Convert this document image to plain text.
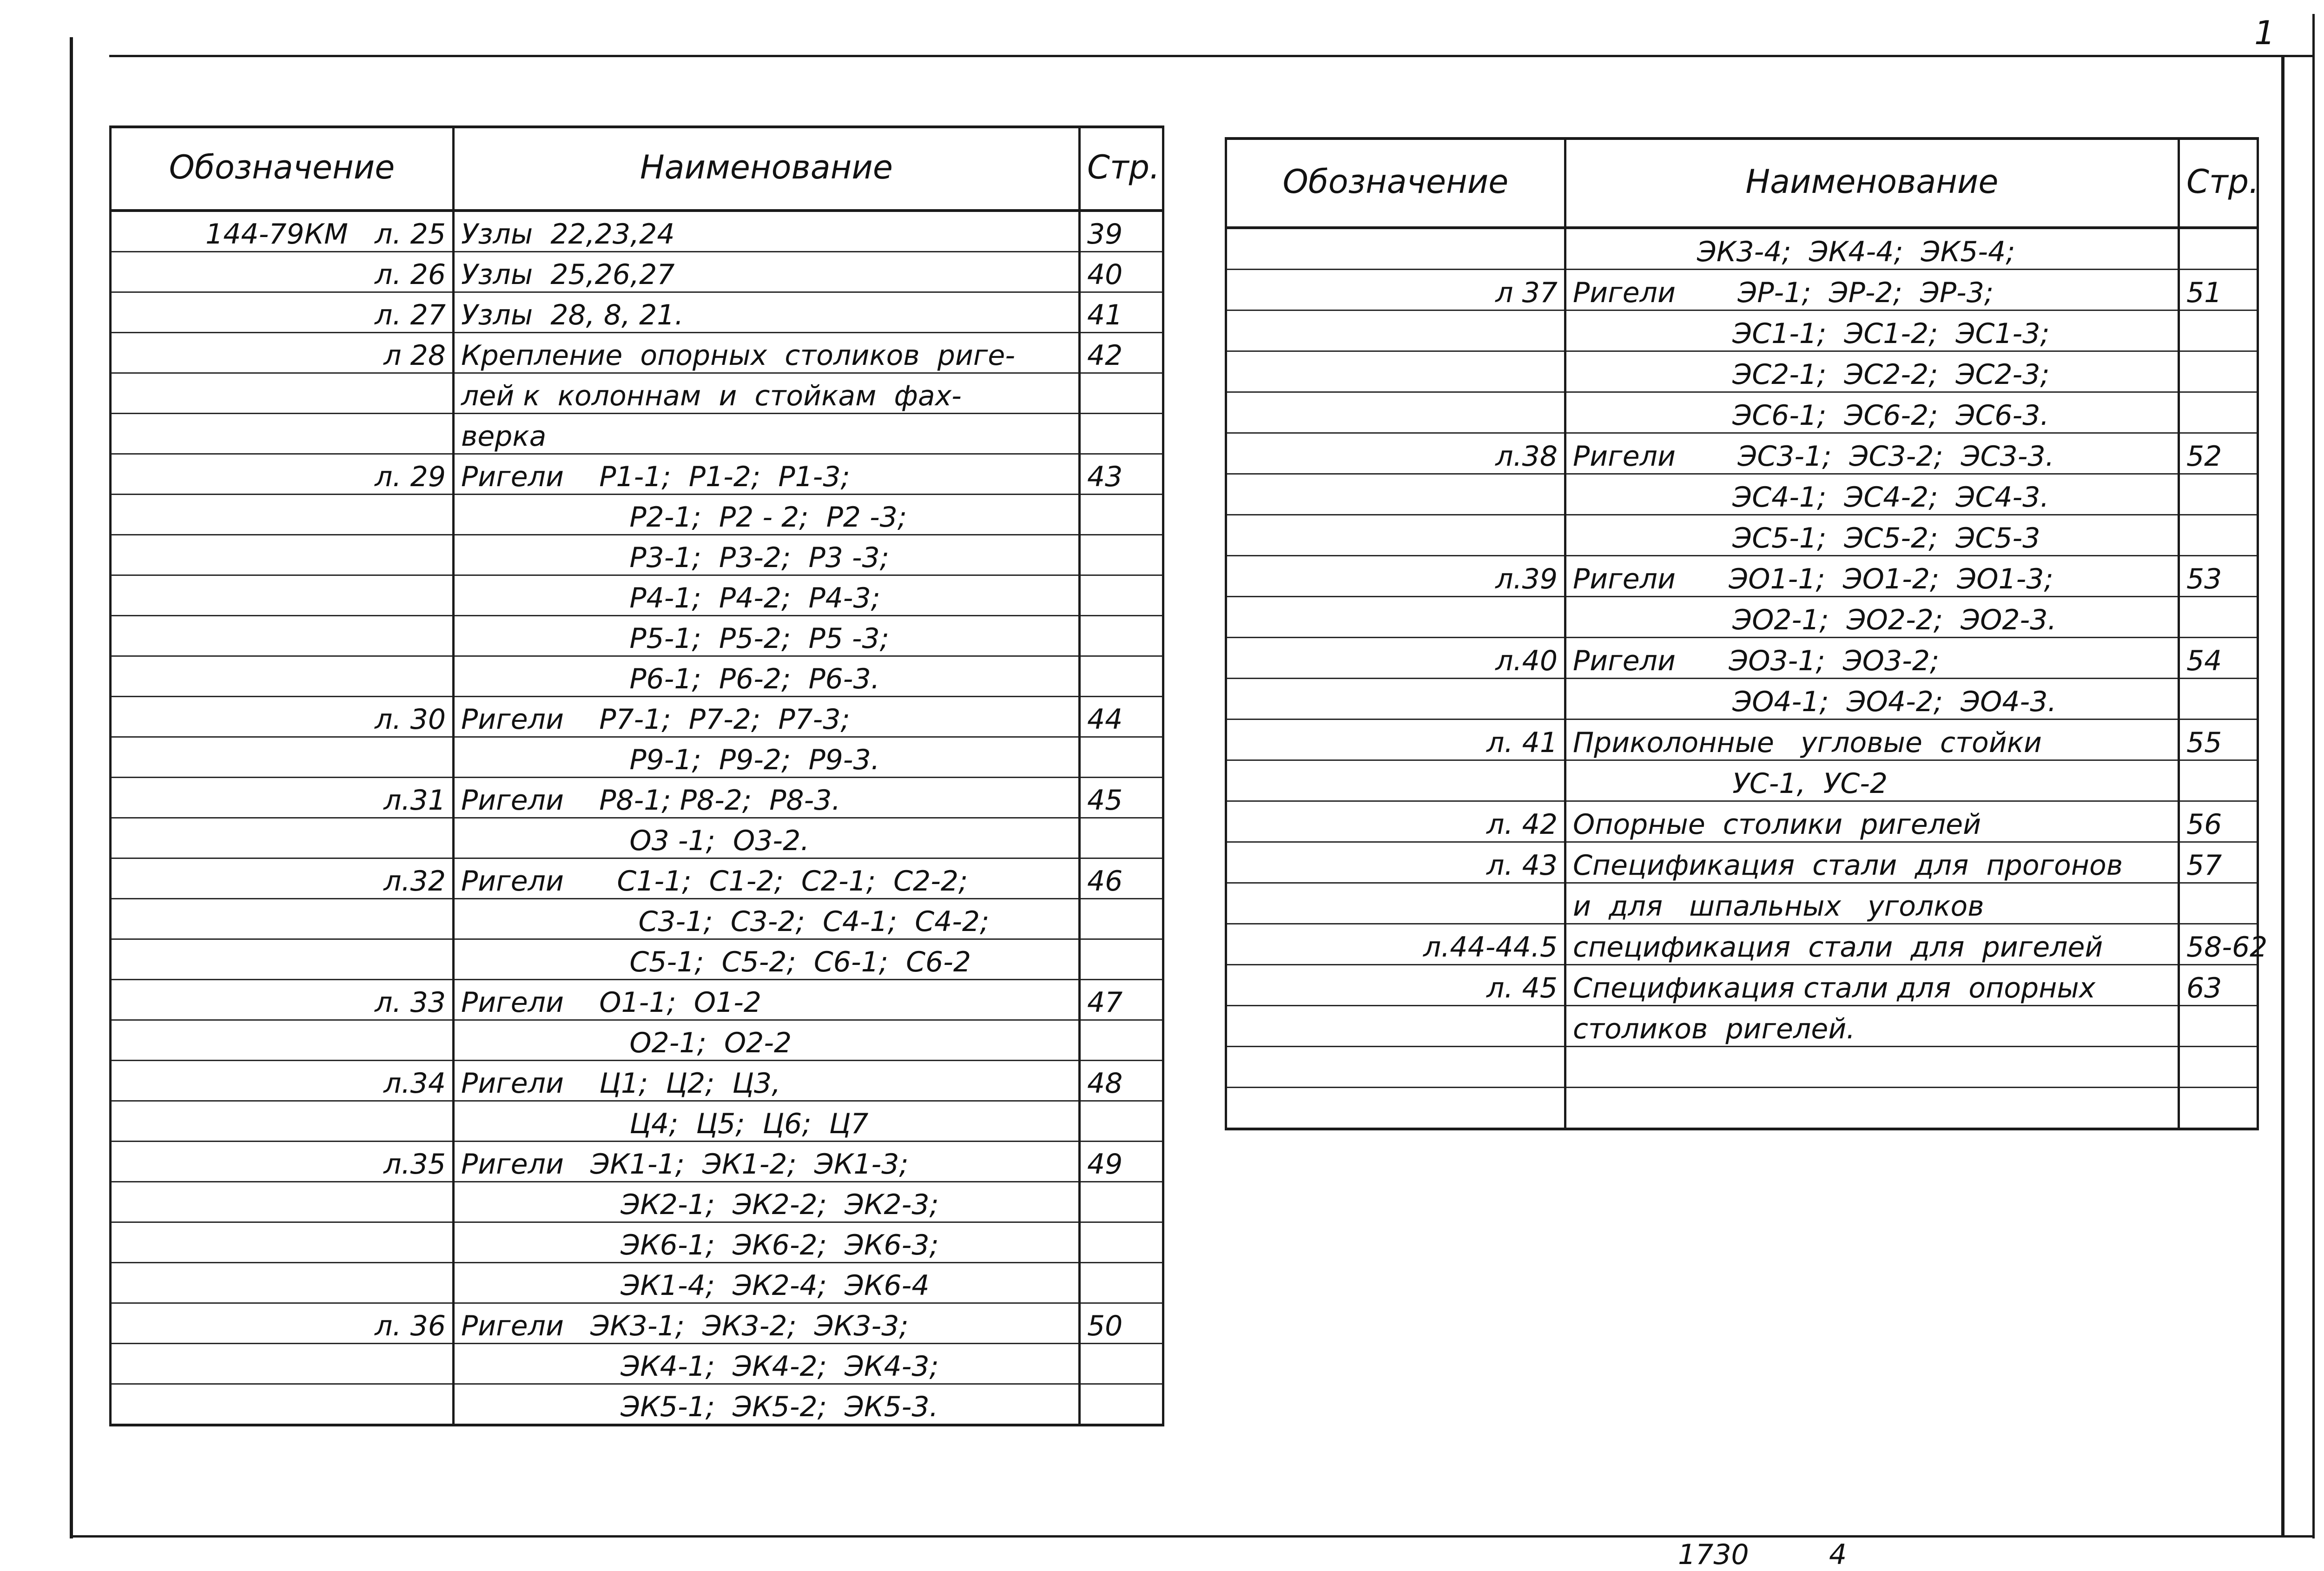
1
Обозначение	Наименование	Стр.
144-79КМ   л. 25	Узлы  22,23,24	39
л. 26	Узлы  25,26,27	40
л. 27	Узлы  28, 8, 21.	41
л 28	Крепление  опорных  столиков  риге-	42
	лей к  колоннам  и  стойкам  фах-	
	верка	
л. 29	Ригели    Р1-1;  Р1-2;  Р1-3;	43
	Р2-1;  Р2 - 2;  Р2 -3;	
	Р3-1;  Р3-2;  Р3 -3;	
	Р4-1;  Р4-2;  Р4-3;	
	Р5-1;  Р5-2;  Р5 -3;	
	Р6-1;  Р6-2;  Р6-3.	
л. 30	Ригели    Р7-1;  Р7-2;  Р7-3;	44
	Р9-1;  Р9-2;  Р9-3.	
л.31	Ригели    Р8-1; Р8-2;  Р8-3.	45
	О3 -1;  О3-2.	
л.32	Ригели      С1-1;  С1-2;  С2-1;  С2-2;	46
	С3-1;  С3-2;  С4-1;  С4-2;	
	С5-1;  С5-2;  С6-1;  С6-2	
л. 33	Ригели    О1-1;  О1-2	47
	О2-1;  О2-2	
л.34	Ригели    Ц1;  Ц2;  Ц3,	48
	Ц4;  Ц5;  Ц6;  Ц7	
л.35	Ригели   ЭК1-1;  ЭК1-2;  ЭК1-3;	49
	ЭК2-1;  ЭК2-2;  ЭК2-3;	
	ЭК6-1;  ЭК6-2;  ЭК6-3;	
	ЭК1-4;  ЭК2-4;  ЭК6-4	
л. 36	Ригели   ЭК3-1;  ЭК3-2;  ЭК3-3;	50
	ЭК4-1;  ЭК4-2;  ЭК4-3;	
	ЭК5-1;  ЭК5-2;  ЭК5-3.	
Обозначение	Наименование	Стр.
	ЭК3-4;  ЭК4-4;  ЭК5-4;	
л 37	Ригели       ЭР-1;  ЭР-2;  ЭР-3;	51
	ЭС1-1;  ЭС1-2;  ЭС1-3;	
	ЭС2-1;  ЭС2-2;  ЭС2-3;	
	ЭС6-1;  ЭС6-2;  ЭС6-3.	
л.38	Ригели       ЭС3-1;  ЭС3-2;  ЭС3-3.	52
	ЭС4-1;  ЭС4-2;  ЭС4-3.	
	ЭС5-1;  ЭС5-2;  ЭС5-3	
л.39	Ригели      ЭО1-1;  ЭО1-2;  ЭО1-3;	53
	ЭО2-1;  ЭО2-2;  ЭО2-3.	
л.40	Ригели      ЭО3-1;  ЭО3-2;	54
	ЭО4-1;  ЭО4-2;  ЭО4-3.	
л. 41	Приколонные   угловые  стойки	55
	УС-1,  УС-2	
л. 42	Опорные  столики  ригелей	56
л. 43	Спецификация  стали  для  прогонов	57
	и  для   шпальных   уголков	
л.44-44.5	спецификация  стали  для  ригелей	58-62
л. 45	Спецификация стали для  опорных	63
	столиков  ригелей.	

1730	4
